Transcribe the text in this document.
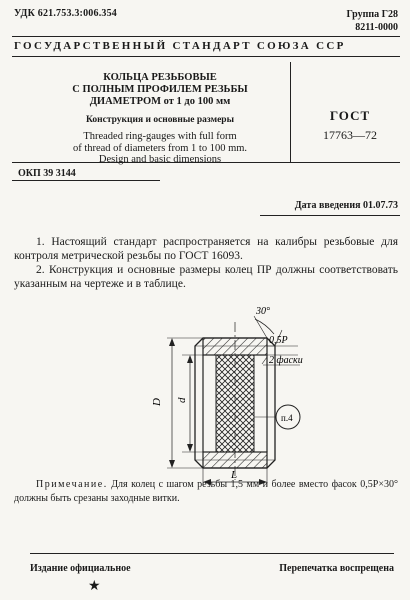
УДК 621.753.3:006.354	Группа Г28
8211-0000
ГОСУДАРСТВЕННЫЙ СТАНДАРТ СОЮЗА ССР
КОЛЬЦА РЕЗЬБОВЫЕ
С ПОЛНЫМ ПРОФИЛЕМ РЕЗЬБЫ
ДИАМЕТРОМ от 1 до 100 мм
Конструкция и основные размеры
Threaded ring-gauges with full form
of thread of diameters from 1 to 100 mm.
Design and basic dimensions
ГОСТ
17763—72
ОКП 39 3144
Дата введения 01.07.73
1. Настоящий стандарт распространяется на калибры резьбовые для контроля метрической резьбы по ГОСТ 16093.
2. Конструкция и основные размеры колец ПР должны соответствовать указанным на чертеже и в таблице.
30°
0,5P
2 фаски
D d
L
п.4
Примечание. Для колец с шагом резьбы 1,5 мм и более вместо фасок 0,5P×30° должны быть срезаны заходные витки.
Издание официальное	Перепечатка воспрещена
★
